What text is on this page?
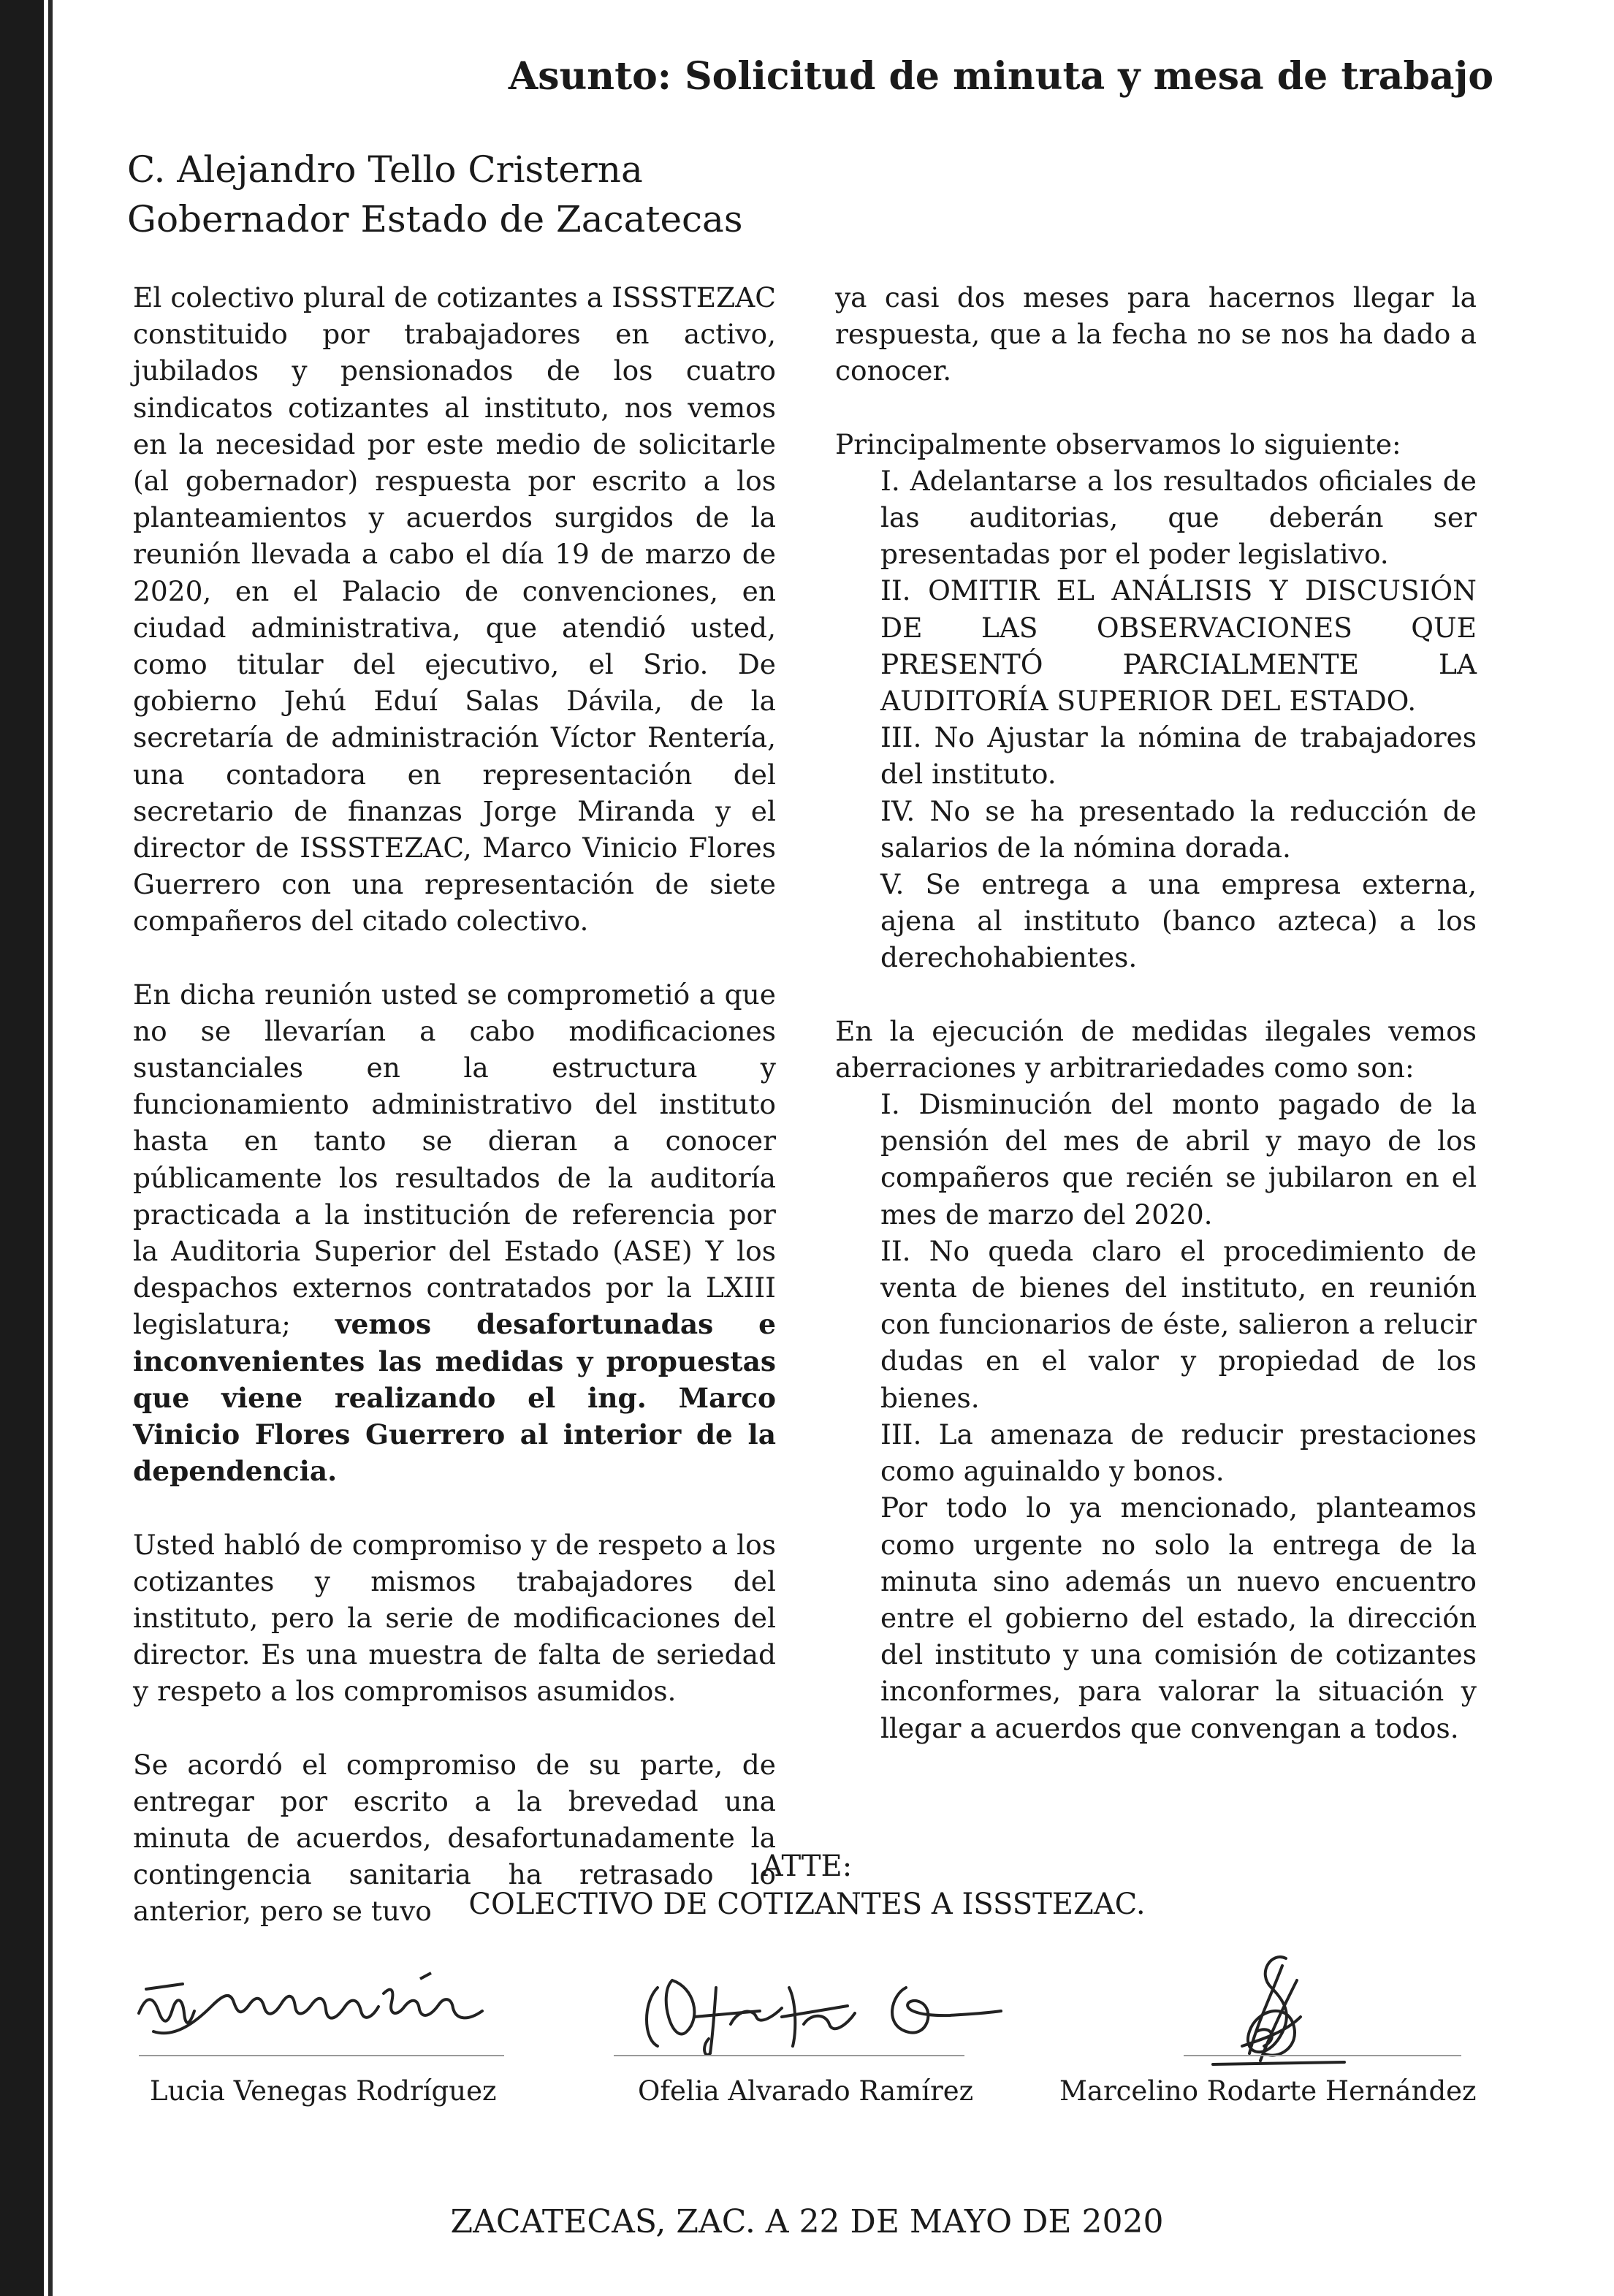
Asunto: Solicitud de minuta y mesa de trabajo
C. Alejandro Tello Cristerna
Gobernador Estado de Zacatecas

El colectivo plural de cotizantes a ISSSTEZAC constituido por trabajadores en activo, jubilados y pensionados de los cuatro sindicatos cotizantes al instituto, nos vemos en la necesidad por este medio de solicitarle (al gobernador) respuesta por escrito a los planteamientos y acuerdos surgidos de la reunión llevada a cabo el día 19 de marzo de 2020, en el Palacio de convenciones, en ciudad administrativa, que atendió usted, como titular del ejecutivo, el Srio. De gobierno Jehú Eduí Salas Dávila, de la secretaría de administración Víctor Rentería, una contadora en representación del secretario de finanzas Jorge Miranda y el director de ISSSTEZAC, Marco Vinicio Flores Guerrero con una representación de siete compañeros del citado colectivo.

En dicha reunión usted se comprometió a que no se llevarían a cabo modificaciones sustanciales en la estructura y funcionamiento administrativo del instituto hasta en tanto se dieran a conocer públicamente los resultados de la auditoría practicada a la institución de referencia por la Auditoria Superior del Estado (ASE) Y los despachos externos contratados por la LXIII legislatura; vemos desafortunadas e inconvenientes las medidas y propuestas que viene realizando el ing. Marco Vinicio Flores Guerrero al interior de la dependencia.

Usted habló de compromiso y de respeto a los cotizantes y mismos trabajadores del instituto, pero la serie de modificaciones del director. Es una muestra de falta de seriedad y respeto a los compromisos asumidos.

Se acordó el compromiso de su parte, de entregar por escrito a la brevedad una minuta de acuerdos, desafortunadamente la contingencia sanitaria ha retrasado lo anterior, pero se tuvo

ya casi dos meses para hacernos llegar la respuesta, que a la fecha no se nos ha dado a conocer.

Principalmente observamos lo siguiente:
I. Adelantarse a los resultados oficiales de las auditorias, que deberán ser presentadas por el poder legislativo.
II. OMITIR EL ANÁLISIS Y DISCUSIÓN DE LAS OBSERVACIONES QUE PRESENTÓ PARCIALMENTE LA AUDITORÍA SUPERIOR DEL ESTADO.
III. No Ajustar la nómina de trabajadores del instituto.
IV. No se ha presentado la reducción de salarios de la nómina dorada.
V. Se entrega a una empresa externa, ajena al instituto (banco azteca) a los derechohabientes.
En la ejecución de medidas ilegales vemos aberraciones y arbitrariedades como son:
I. Disminución del monto pagado de la pensión del mes de abril y mayo de los compañeros que recién se jubilaron en el mes de marzo del 2020.
II. No queda claro el procedimiento de venta de bienes del instituto, en reunión con funcionarios de éste, salieron a relucir dudas en el valor y propiedad de los bienes.
III. La amenaza de reducir prestaciones como aguinaldo y bonos.
Por todo lo ya mencionado, planteamos como urgente no solo la entrega de la minuta sino además un nuevo encuentro entre el gobierno del estado, la dirección del instituto y una comisión de cotizantes inconformes, para valorar la situación y llegar a acuerdos que convengan a todos.
ATTE:
COLECTIVO DE COTIZANTES A ISSSTEZAC.
Lucia Venegas Rodríguez	Ofelia Alvarado Ramírez	Marcelino Rodarte Hernández
ZACATECAS, ZAC. A 22 DE MAYO DE 2020
